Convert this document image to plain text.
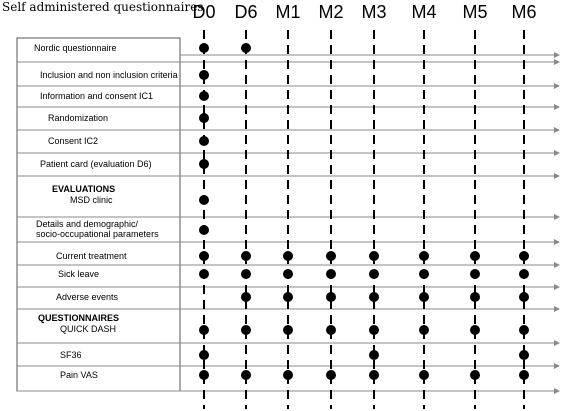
Self administered questionnaires

Nordic questionnaire
Inclusion and non inclusion criteria
Information and consent IC1
Randomization
Consent IC2
Patient card (evaluation D6)
EVALUATIONS
MSD clinic
Details and demographic/
socio-occupational parameters
Current treatment
Sick leave
Adverse events
QUESTIONNAIRES
QUICK DASH
SF36
Pain VAS
D0 D6 M1 M2 M3 M4 M5 M6
